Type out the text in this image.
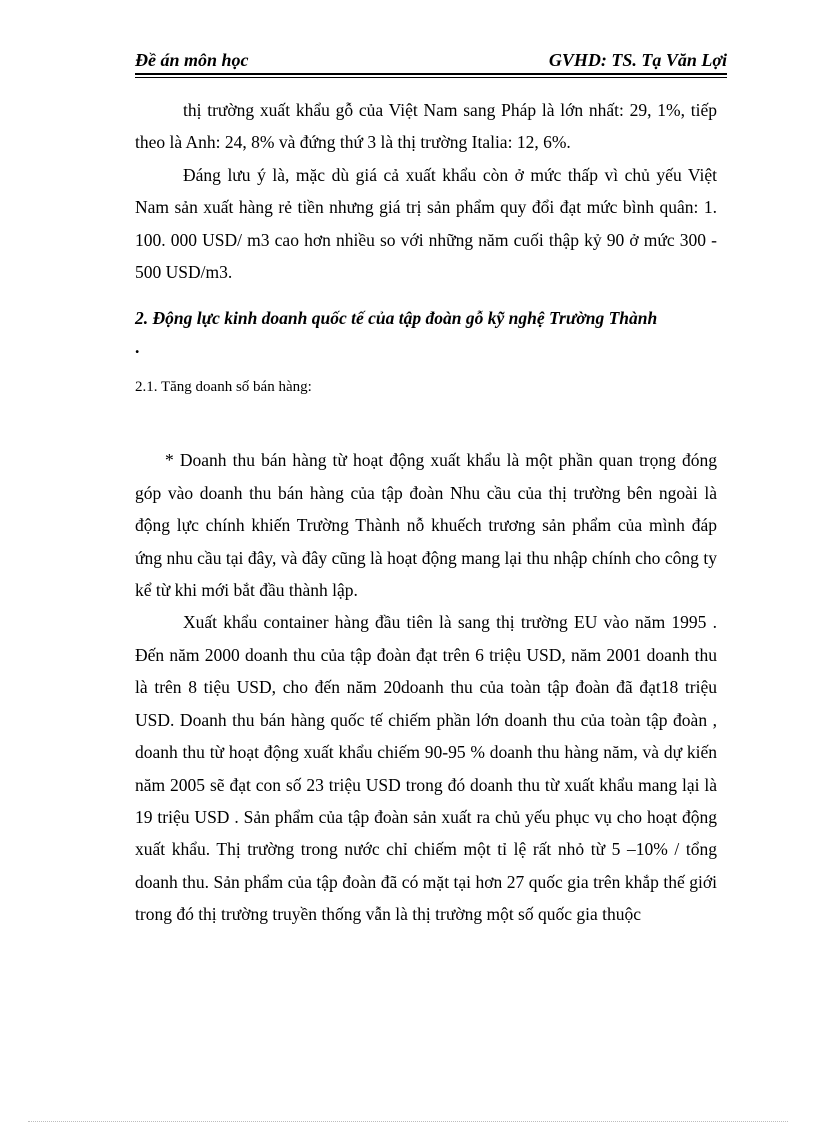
Đề án môn học	GVHD: TS. Tạ Văn Lợi

thị trường xuất khẩu gỗ của Việt Nam sang Pháp là lớn nhất: 29, 1%, tiếp theo là Anh: 24, 8% và đứng thứ 3 là thị trường Italia: 12, 6%.

Đáng lưu ý là, mặc dù giá cả xuất khẩu còn ở mức thấp vì chủ yếu Việt Nam sản xuất hàng rẻ tiền nhưng giá trị sản phẩm quy đổi đạt mức bình quân: 1. 100. 000 USD/ m3 cao hơn nhiều so với những năm cuối thập kỷ 90 ở mức 300 - 500 USD/m3.

2. Động lực kinh doanh quốc tế của tập đoàn gỗ kỹ nghệ Trường Thành

.

2.1. Tăng doanh số bán hàng:

* Doanh thu bán hàng từ hoạt động xuất khẩu là một phần quan trọng đóng góp vào doanh thu bán hàng của tập đoàn Nhu cầu của thị trường bên ngoài là động lực chính khiến Trường Thành nỗ khuếch trương sản phẩm của mình đáp ứng nhu cầu tại đây, và đây cũng là hoạt động mang lại thu nhập chính cho công ty kể từ khi mới bắt đầu thành lập.

Xuất khẩu container hàng đầu tiên là sang thị trường EU vào năm 1995 . Đến năm 2000 doanh thu của tập đoàn đạt trên 6 triệu USD, năm 2001 doanh thu là trên 8 tiệu USD, cho đến năm 20doanh thu của toàn tập đoàn đã đạt18 triệu USD. Doanh thu bán hàng quốc tế chiếm phần lớn doanh thu của toàn tập đoàn , doanh thu từ hoạt động xuất khẩu chiếm 90-95 % doanh thu hàng năm, và dự kiến năm 2005 sẽ đạt con số 23 triệu USD trong đó doanh thu từ xuất khẩu mang lại là 19 triệu USD . Sản phẩm của tập đoàn sản xuất ra chủ yếu phục vụ cho hoạt động xuất khẩu. Thị trường trong nước chỉ chiếm một tỉ lệ rất nhỏ từ 5 –10% / tổng doanh thu. Sản phẩm của tập đoàn đã có mặt tại hơn 27 quốc gia trên khắp thế giới trong đó thị trường truyền thống vẫn là thị trường một số quốc gia thuộc
